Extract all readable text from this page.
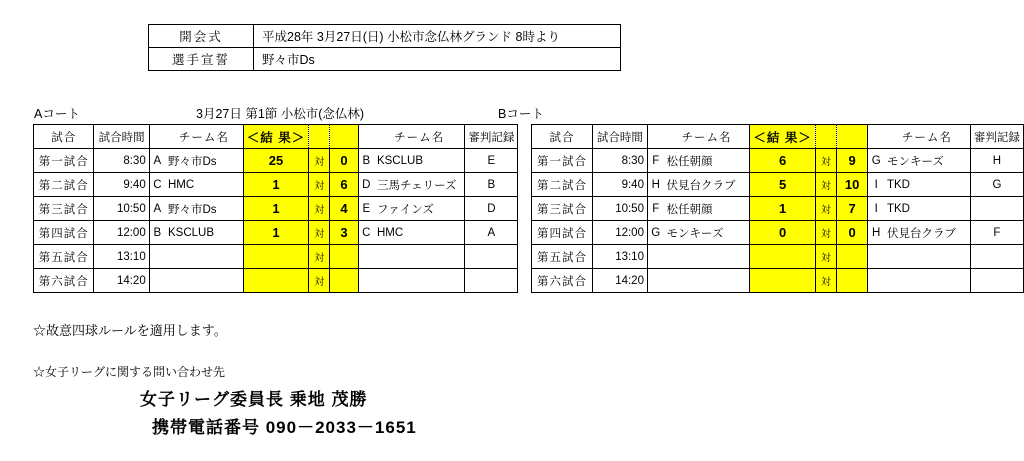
開会式	平成28年 3月27日(日) 小松市念仏林グランド 8時より
選手宣誓	野々市Ds
Aコート	3月27日 第1節 小松市(念仏林)	Bコート
試合	試合時間		チーム名	＜結 果＞				チーム名	審判記録		試合	試合時間		チーム名	＜結 果＞				チーム名	審判記録
第一試合	8:30	A	野々市Ds	25	対	0	B	KSCLUB	E		第一試合	8:30	F	松任朝顔	6	対	9	G	モンキーズ	H
第二試合	9:40	C	HMC	1	対	6	D	三馬チェリーズ	B		第二試合	9:40	H	伏見台クラブ	5	対	10	I	TKD	G
第三試合	10:50	A	野々市Ds	1	対	4	E	ファインズ	D		第三試合	10:50	F	松任朝顔	1	対	7	I	TKD	
第四試合	12:00	B	KSCLUB	1	対	3	C	HMC	A		第四試合	12:00	G	モンキーズ	0	対	0	H	伏見台クラブ	F
第五試合	13:10				対						第五試合	13:10				対				
第六試合	14:20				対						第六試合	14:20				対				
☆故意四球ルールを適用します。
☆女子リーグに関する問い合わせ先
女子リーグ委員長 乗地 茂勝
携帯電話番号 090－2033－1651
